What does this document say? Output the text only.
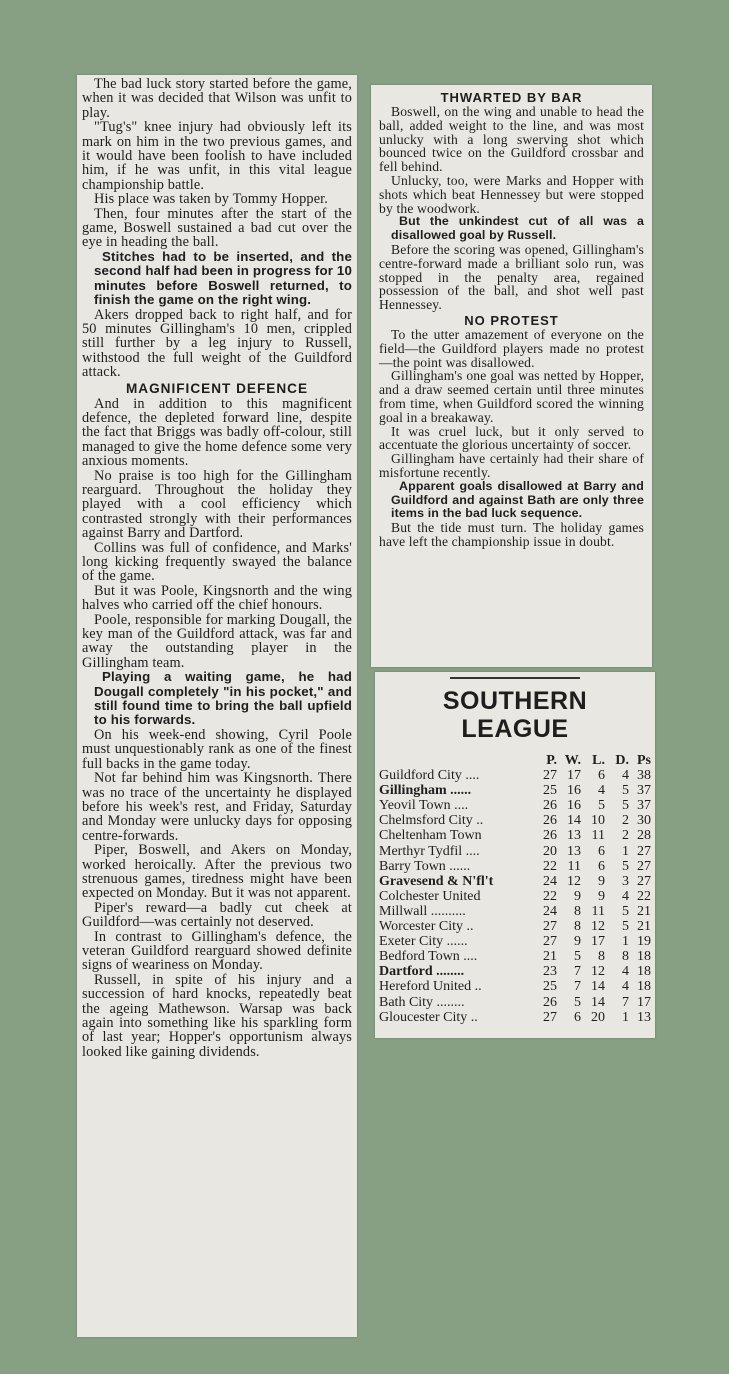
The bad luck story started before the game, when it was decided that Wilson was unfit to play.

"Tug's" knee injury had obviously left its mark on him in the two previous games, and it would have been foolish to have included him, if he was unfit, in this vital league championship battle.

His place was taken by Tommy Hopper.

Then, four minutes after the start of the game, Boswell sustained a bad cut over the eye in heading the ball.

Stitches had to be inserted, and the second half had been in progress for 10 minutes before Boswell returned, to finish the game on the right wing.

Akers dropped back to right half, and for 50 minutes Gillingham's 10 men, crippled still further by a leg injury to Russell, withstood the full weight of the Guildford attack.

MAGNIFICENT DEFENCE

And in addition to this magnificent defence, the depleted forward line, despite the fact that Briggs was badly off-colour, still managed to give the home defence some very anxious moments.

No praise is too high for the Gillingham rearguard. Throughout the holiday they played with a cool efficiency which contrasted strongly with their performances against Barry and Dartford.

Collins was full of confidence, and Marks' long kicking frequently swayed the balance of the game.

But it was Poole, Kingsnorth and the wing halves who carried off the chief honours.

Poole, responsible for marking Dougall, the key man of the Guildford attack, was far and away the outstanding player in the Gillingham team.

Playing a waiting game, he had Dougall completely "in his pocket," and still found time to bring the ball upfield to his forwards.

On his week-end showing, Cyril Poole must unquestionably rank as one of the finest full backs in the game today.

Not far behind him was Kingsnorth. There was no trace of the uncertainty he displayed before his week's rest, and Friday, Saturday and Monday were unlucky days for opposing centre-forwards.

Piper, Boswell, and Akers on Monday, worked heroically. After the previous two strenuous games, tiredness might have been expected on Monday. But it was not apparent.

Piper's reward—a badly cut cheek at Guildford—was certainly not deserved.

In contrast to Gillingham's defence, the veteran Guildford rearguard showed definite signs of weariness on Monday.

Russell, in spite of his injury and a succession of hard knocks, repeatedly beat the ageing Mathewson. Warsap was back again into something like his sparkling form of last year; Hopper's opportunism always looked like gaining dividends.

THWARTED BY BAR

Boswell, on the wing and unable to head the ball, added weight to the line, and was most unlucky with a long swerving shot which bounced twice on the Guildford crossbar and fell behind.

Unlucky, too, were Marks and Hopper with shots which beat Hennessey but were stopped by the woodwork.

But the unkindest cut of all was a disallowed goal by Russell.

Before the scoring was opened, Gillingham's centre-forward made a brilliant solo run, was stopped in the penalty area, regained possession of the ball, and shot well past Hennessey.

NO PROTEST

To the utter amazement of everyone on the field—the Guildford players made no protest—the point was disallowed.

Gillingham's one goal was netted by Hopper, and a draw seemed certain until three minutes from time, when Guildford scored the winning goal in a breakaway.

It was cruel luck, but it only served to accentuate the glorious uncertainty of soccer.

Gillingham have certainly had their share of misfortune recently.

Apparent goals disallowed at Barry and Guildford and against Bath are only three items in the bad luck sequence.

But the tide must turn. The holiday games have left the championship issue in doubt.

SOUTHERN
LEAGUE
	P.	W.	L.	D.	Ps
Guildford City ....	27	17	6	4	38
Gillingham ......	25	16	4	5	37
Yeovil Town ....	26	16	5	5	37
Chelmsford City ..	26	14	10	2	30
Cheltenham Town	26	13	11	2	28
Merthyr Tydfil ....	20	13	6	1	27
Barry Town ......	22	11	6	5	27
Gravesend & N'fl't	24	12	9	3	27
Colchester United	22	9	9	4	22
Millwall ..........	24	8	11	5	21
Worcester City ..	27	8	12	5	21
Exeter City ......	27	9	17	1	19
Bedford Town ....	21	5	8	8	18
Dartford ........	23	7	12	4	18
Hereford United ..	25	7	14	4	18
Bath City ........	26	5	14	7	17
Gloucester City ..	27	6	20	1	13
